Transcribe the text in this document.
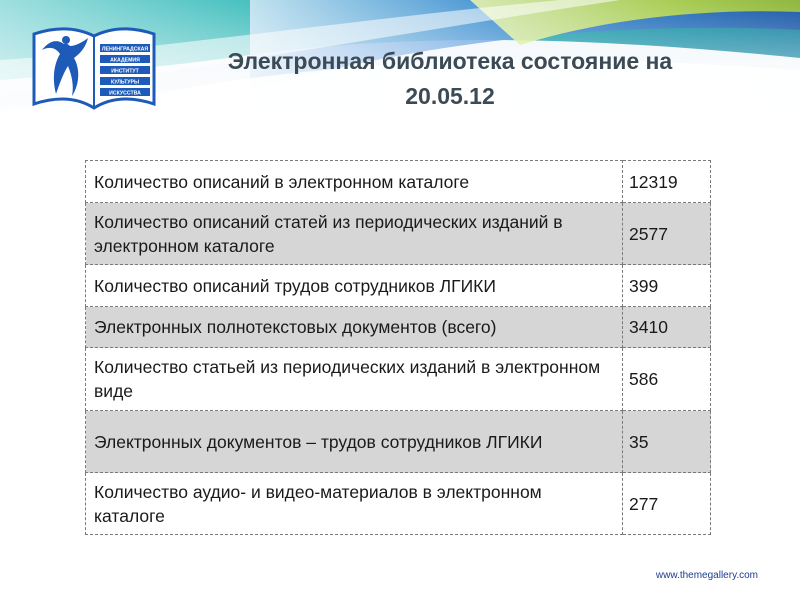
ЛЕНИНГРАДСКАЯ
АКАДЕМИЯ
ИНСТИТУТ
КУЛЬТУРЫ
ИСКУССТВА
Электронная библиотека состояние на
20.05.12
Количество описаний в электронном каталоге	12319
Количество описаний статей из периодических изданий в электронном каталоге	2577
Количество описаний трудов сотрудников ЛГИКИ	399
Электронных полнотекстовых документов (всего)	3410
Количество статьей из периодических изданий в электронном виде	586
Электронных документов – трудов сотрудников ЛГИКИ	35
Количество аудио- и видео-материалов в электронном каталоге	277
www.themegallery.com
